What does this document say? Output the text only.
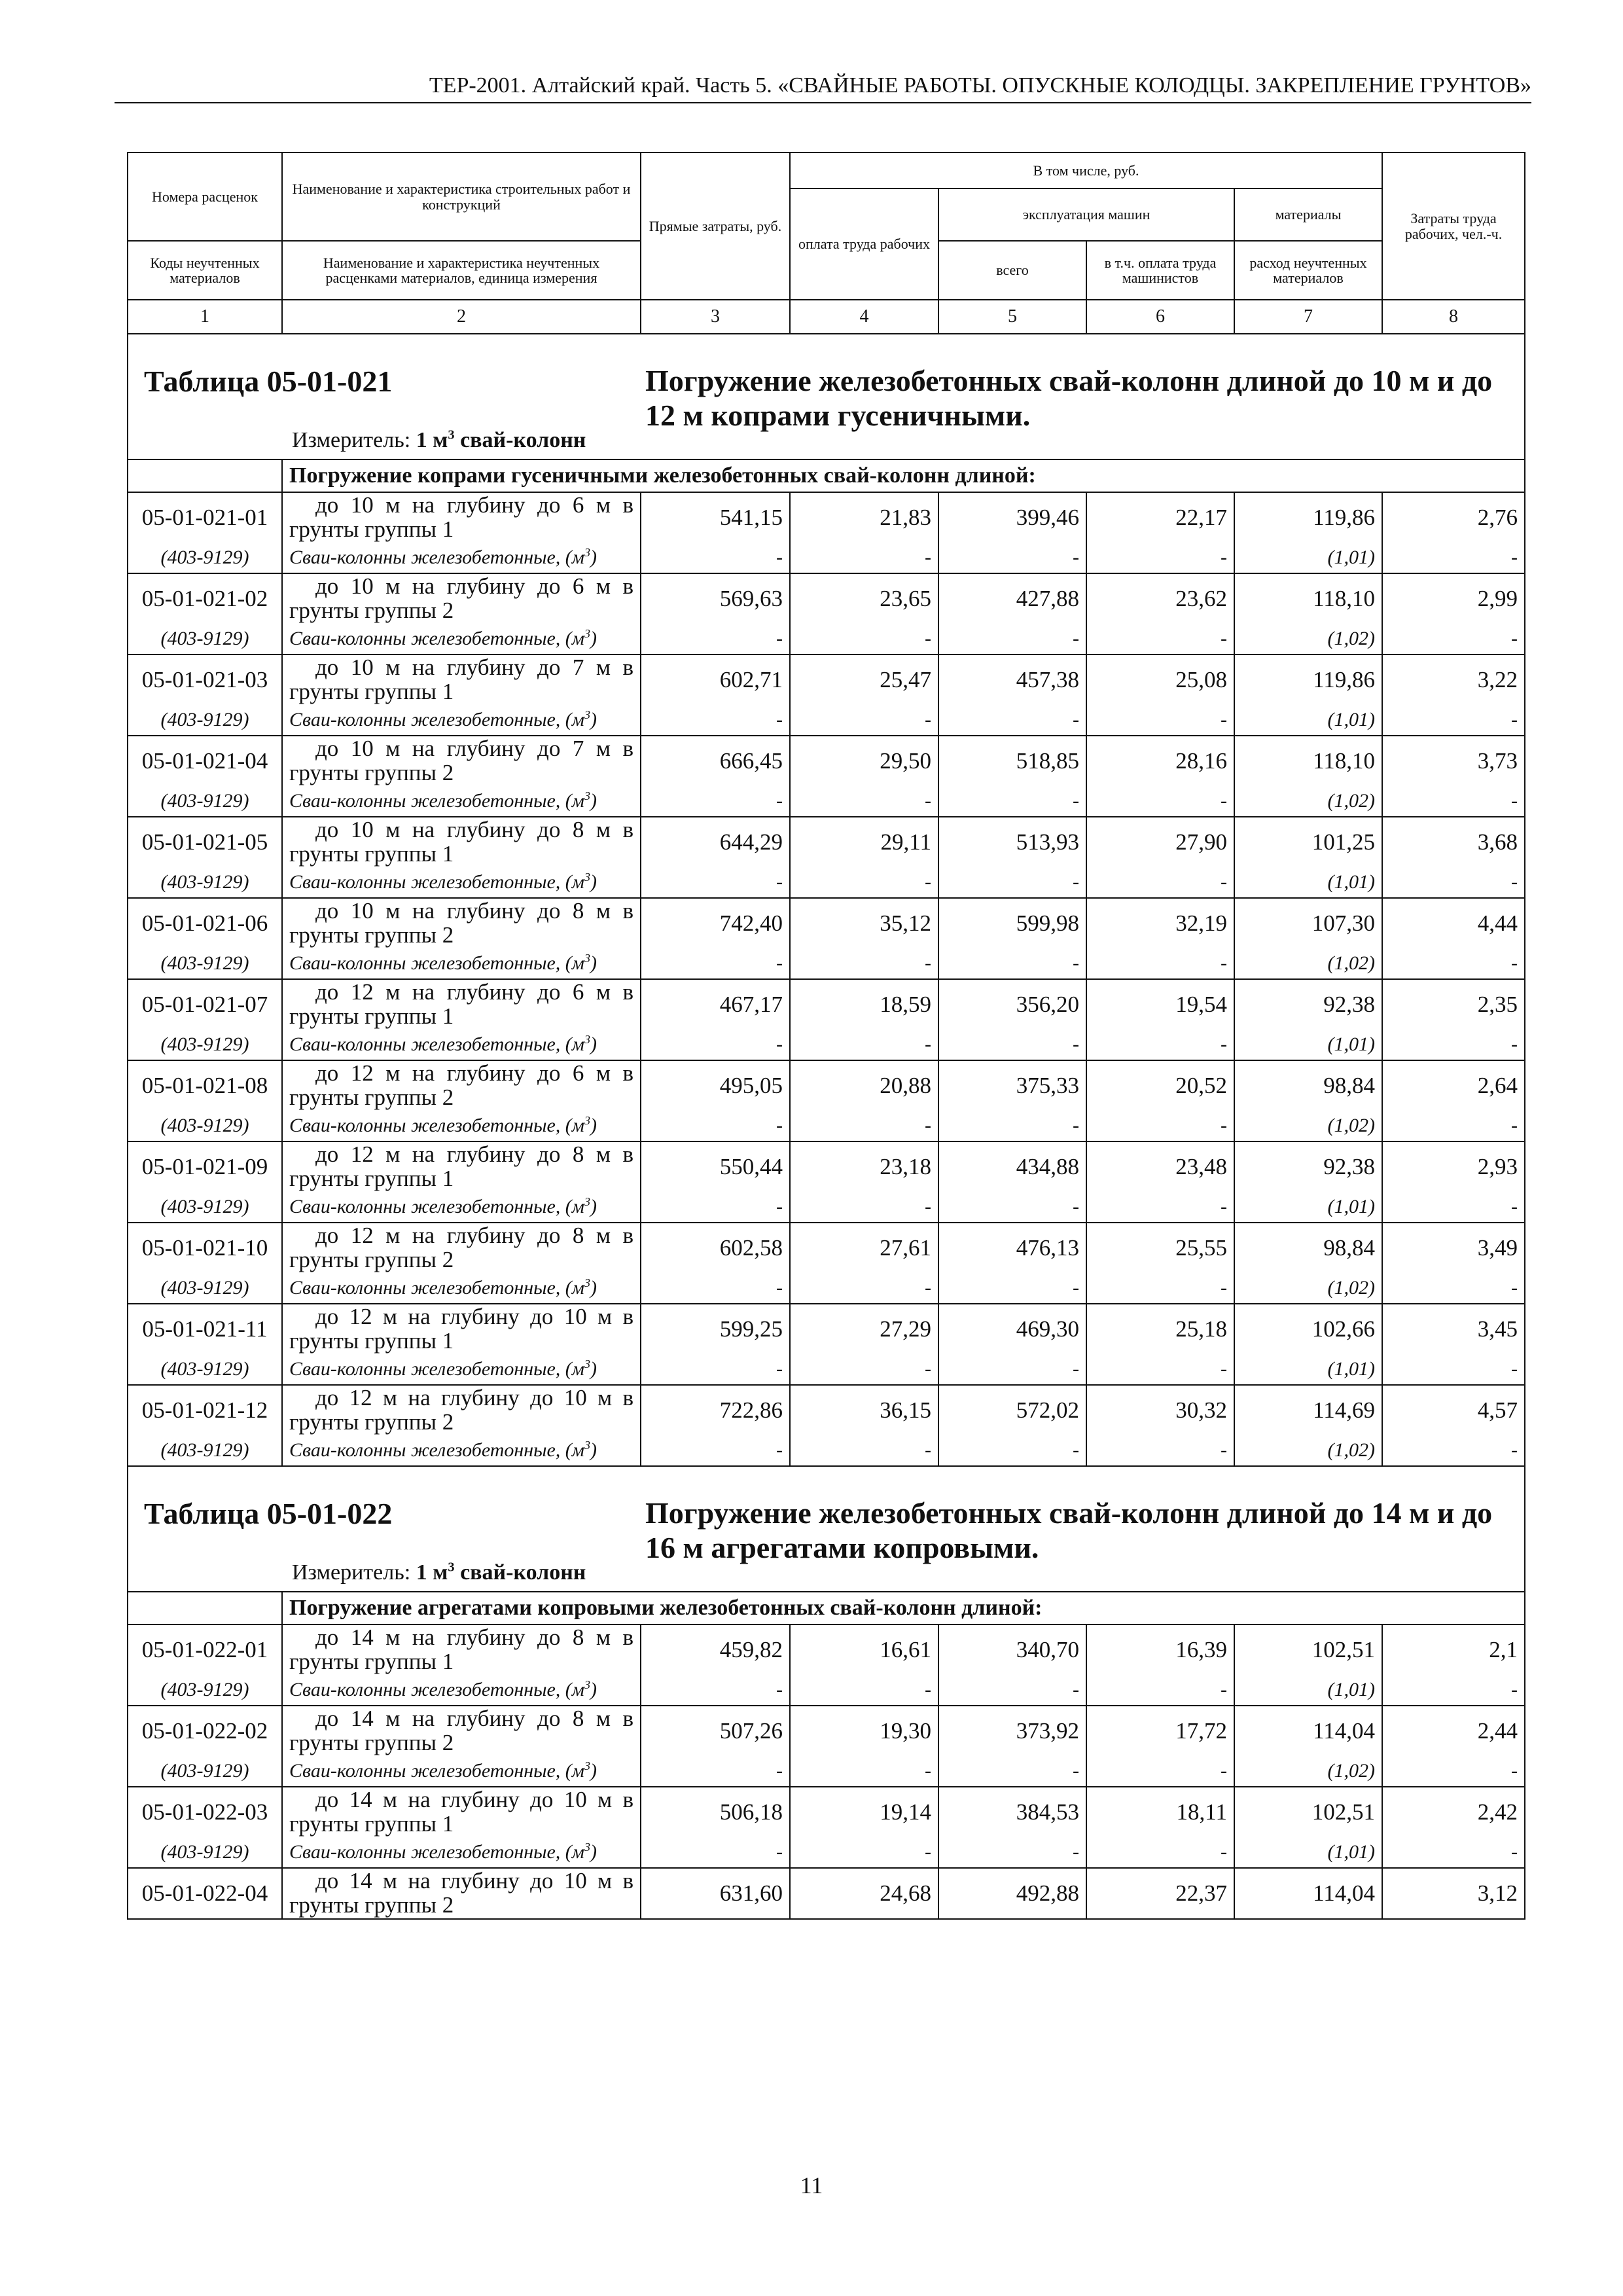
ТЕР-2001. Алтайский край. Часть 5. «СВАЙНЫЕ РАБОТЫ. ОПУСКНЫЕ КОЛОДЦЫ. ЗАКРЕПЛЕНИЕ ГРУНТОВ»
Номера расценок	Наименование и характеристика строительных работ и конструкций	Прямые затраты, руб.	В том числе, руб.				Затраты труда рабочих, чел.-ч.
			оплата труда рабочих	эксплуатация машин		материалы	
Коды неучтенных материалов	Наименование и характеристика неучтенных расценками материалов, единица измерения			всего	в т.ч. оплата труда машинистов	расход неучтенных материалов	
1	2	3	4	5	6	7	8

Таблица 05-01-021 Погружение железобетонных свай-колонн длиной до 10 м и до 12 м копрами гусеничными.
Измеритель: 1 $м^3$ свай-колонн							

	Погружение копрами гусеничными железобетонных свай-колонн длиной:						
05-01-021-01	до 10 м на глубину до 6 м в грунты группы 1	541,15	21,83	399,46	22,17	119,86	2,76
(403-9129)	Сваи-колонны железобетонные, $(м^3)$	-	-	-	-	(1,01)	-
05-01-021-02	до 10 м на глубину до 6 м в грунты группы 2	569,63	23,65	427,88	23,62	118,10	2,99
(403-9129)	Сваи-колонны железобетонные, $(м^3)$	-	-	-	-	(1,02)	-
05-01-021-03	до 10 м на глубину до 7 м в грунты группы 1	602,71	25,47	457,38	25,08	119,86	3,22
(403-9129)	Сваи-колонны железобетонные, $(м^3)$	-	-	-	-	(1,01)	-
05-01-021-04	до 10 м на глубину до 7 м в грунты группы 2	666,45	29,50	518,85	28,16	118,10	3,73
(403-9129)	Сваи-колонны железобетонные, $(м^3)$	-	-	-	-	(1,02)	-
05-01-021-05	до 10 м на глубину до 8 м в грунты группы 1	644,29	29,11	513,93	27,90	101,25	3,68
(403-9129)	Сваи-колонны железобетонные, $(м^3)$	-	-	-	-	(1,01)	-
05-01-021-06	до 10 м на глубину до 8 м в грунты группы 2	742,40	35,12	599,98	32,19	107,30	4,44
(403-9129)	Сваи-колонны железобетонные, $(м^3)$	-	-	-	-	(1,02)	-
05-01-021-07	до 12 м на глубину до 6 м в грунты группы 1	467,17	18,59	356,20	19,54	92,38	2,35
(403-9129)	Сваи-колонны железобетонные, $(м^3)$	-	-	-	-	(1,01)	-
05-01-021-08	до 12 м на глубину до 6 м в грунты группы 2	495,05	20,88	375,33	20,52	98,84	2,64
(403-9129)	Сваи-колонны железобетонные, $(м^3)$	-	-	-	-	(1,02)	-
05-01-021-09	до 12 м на глубину до 8 м в грунты группы 1	550,44	23,18	434,88	23,48	92,38	2,93
(403-9129)	Сваи-колонны железобетонные, $(м^3)$	-	-	-	-	(1,01)	-
05-01-021-10	до 12 м на глубину до 8 м в грунты группы 2	602,58	27,61	476,13	25,55	98,84	3,49
(403-9129)	Сваи-колонны железобетонные, $(м^3)$	-	-	-	-	(1,02)	-
05-01-021-11	до 12 м на глубину до 10 м в грунты группы 1	599,25	27,29	469,30	25,18	102,66	3,45
(403-9129)	Сваи-колонны железобетонные, $(м^3)$	-	-	-	-	(1,01)	-
05-01-021-12	до 12 м на глубину до 10 м в грунты группы 2	722,86	36,15	572,02	30,32	114,69	4,57
(403-9129)	Сваи-колонны железобетонные, $(м^3)$	-	-	-	-	(1,02)	-

Таблица 05-01-022 Погружение железобетонных свай-колонн длиной до 14 м и до 16 м агрегатами копровыми.
Измеритель: 1 $м^3$ свай-колонн							

	Погружение агрегатами копровыми железобетонных свай-колонн длиной:						
05-01-022-01	до 14 м на глубину до 8 м в грунты группы 1	459,82	16,61	340,70	16,39	102,51	2,1
(403-9129)	Сваи-колонны железобетонные, $(м^3)$	-	-	-	-	(1,01)	-
05-01-022-02	до 14 м на глубину до 8 м в грунты группы 2	507,26	19,30	373,92	17,72	114,04	2,44
(403-9129)	Сваи-колонны железобетонные, $(м^3)$	-	-	-	-	(1,02)	-
05-01-022-03	до 14 м на глубину до 10 м в грунты группы 1	506,18	19,14	384,53	18,11	102,51	2,42
(403-9129)	Сваи-колонны железобетонные, $(м^3)$	-	-	-	-	(1,01)	-
05-01-022-04	до 14 м на глубину до 10 м в грунты группы 2	631,60	24,68	492,88	22,37	114,04	3,12
11
